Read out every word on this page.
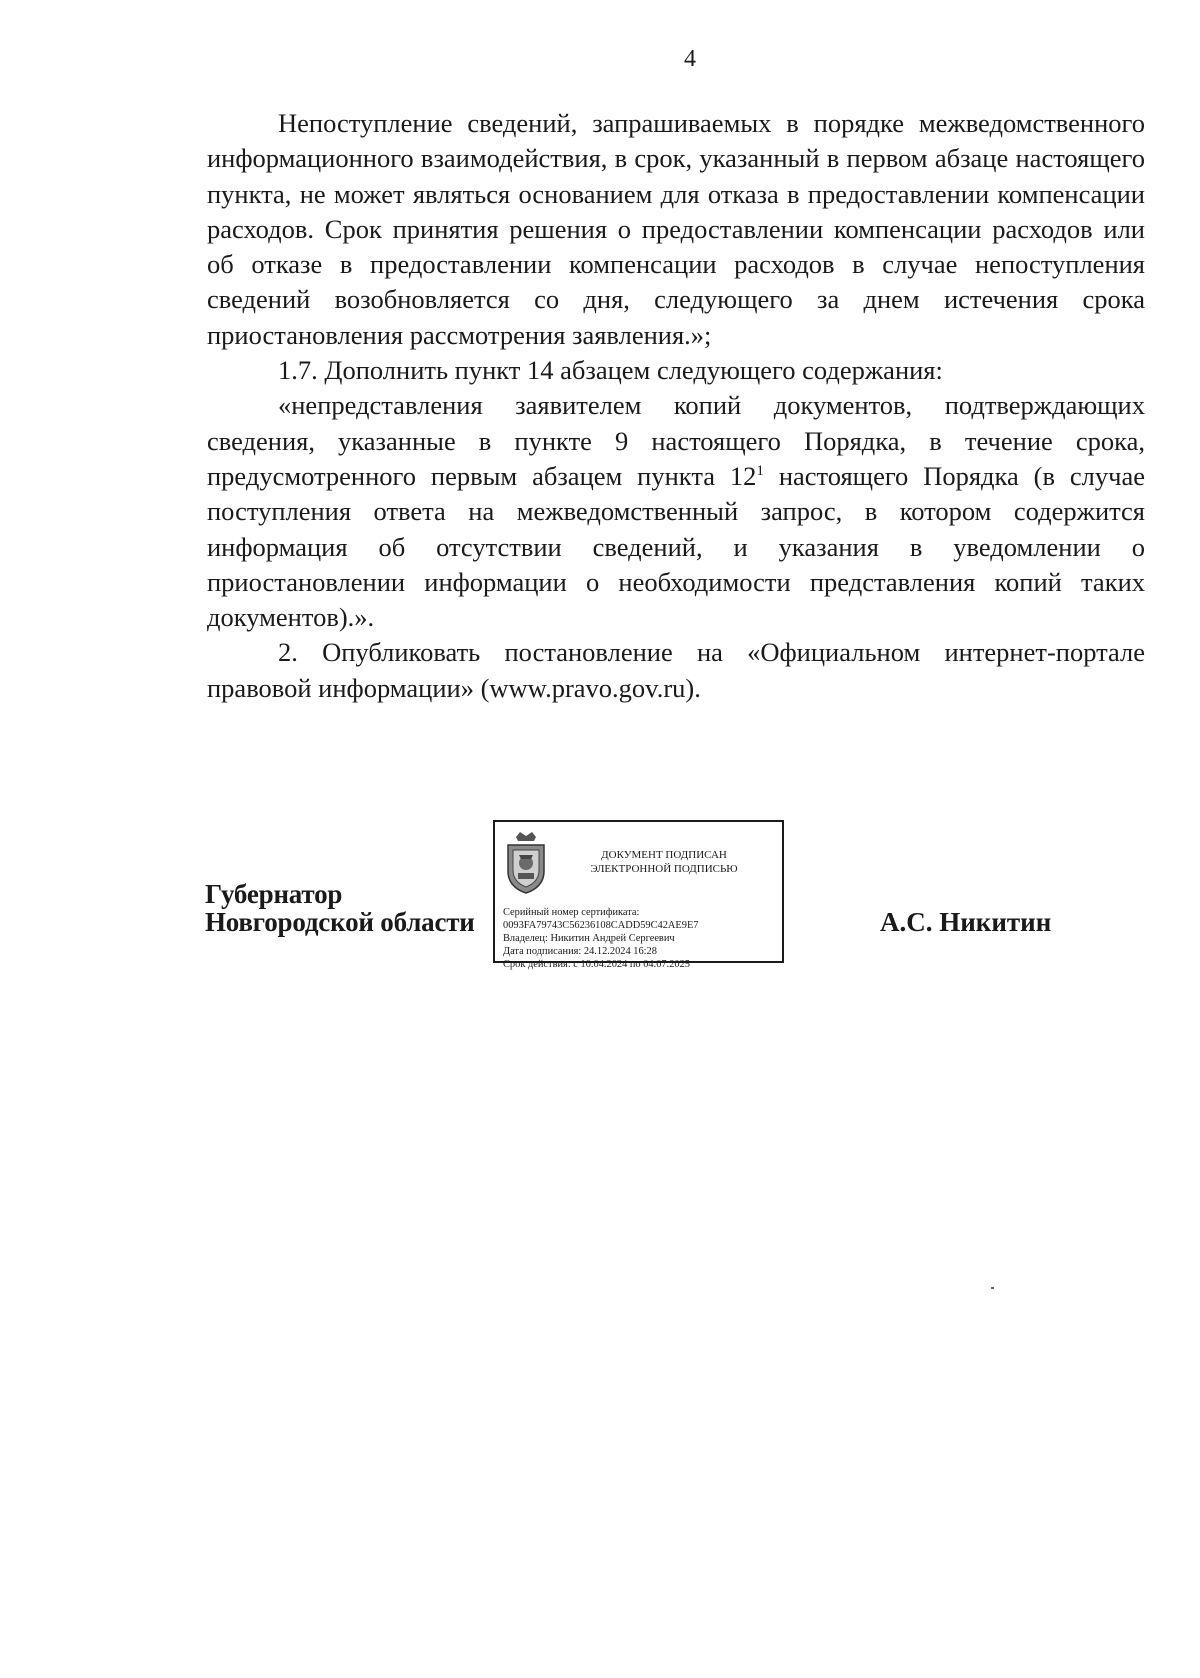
4

Непоступление сведений, запрашиваемых в порядке межведомственного информационного взаимодействия, в срок, указанный в первом абзаце настоящего пункта, не может являться основанием для отказа в предоставлении компенсации расходов. Срок принятия решения о предоставлении компенсации расходов или об отказе в предоставлении компенсации расходов в случае непоступления сведений возобновляется со дня, следующего за днем истечения срока приостановления рассмотрения заявления.»;

1.7. Дополнить пункт 14 абзацем следующего содержания:

«непредставления заявителем копий документов, подтверждающих сведения, указанные в пункте 9 настоящего Порядка, в течение срока, предусмотренного первым абзацем пункта $12^1$ настоящего Порядка (в случае поступления ответа на межведомственный запрос, в котором содержится информация об отсутствии сведений, и указания в уведомлении о приостановлении информации о необходимости представления копий таких документов).».

2. Опубликовать постановление на «Официальном интернет-портале правовой информации» (www.pravo.gov.ru).

Губернатор
Новгородской области
ДОКУМЕНТ ПОДПИСАН
ЭЛЕКТРОННОЙ ПОДПИСЬЮ
Серийный номер сертификата:
0093FA79743C56236108CADD59C42AE9E7
Владелец: Никитин Андрей Сергеевич
Дата подписания: 24.12.2024 16:28
Срок действия: с 10.04.2024 по 04.07.2025
А.С. Никитин
